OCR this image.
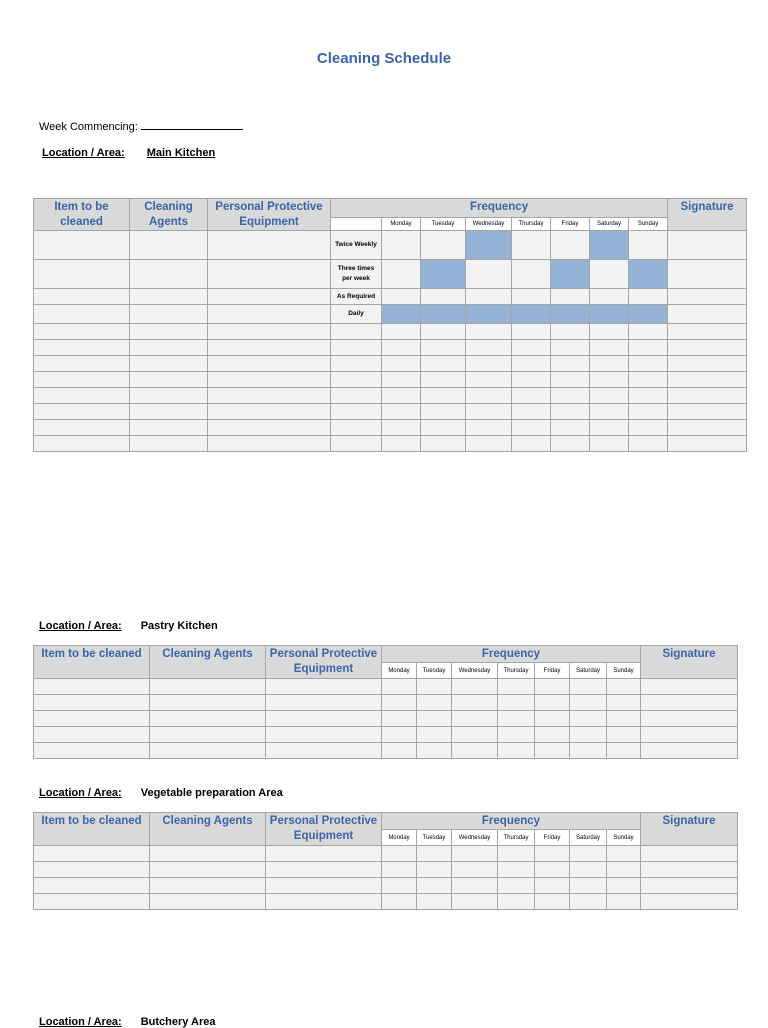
Cleaning Schedule
Week Commencing:
Location / Area: Main Kitchen
Item to be cleaned	Cleaning Agents	Personal Protective Equipment	Frequency								Signature
				Monday	Tuesday	Wednesday	Thursday	Friday	Saturday	Sunday	
			Twice Weekly								
			Three times per week								
			As Required								
			Daily								

Location / Area: Pastry Kitchen
Item to be cleaned	Cleaning Agents	Personal Protective Equipment	Frequency							Signature
			Monday	Tuesday	Wednesday	Thursday	Friday	Saturday	Sunday	

Location / Area: Vegetable preparation Area
Item to be cleaned	Cleaning Agents	Personal Protective Equipment	Frequency							Signature
			Monday	Tuesday	Wednesday	Thursday	Friday	Saturday	Sunday	

Location / Area: Butchery Area
